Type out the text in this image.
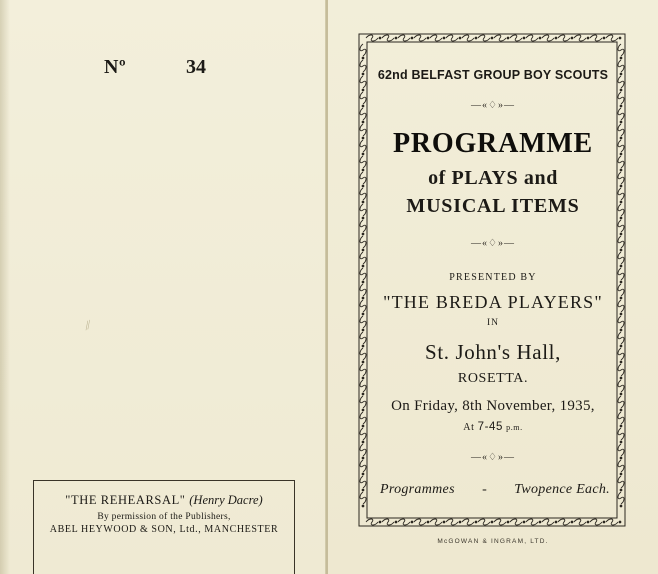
Nº	34
⁄⁄
"THE REHEARSAL" (Henry Dacre)
By permission of the Publishers,
ABEL HEYWOOD & SON, Ltd., MANCHESTER
62nd BELFAST GROUP BOY SCOUTS
—«♢»—
PROGRAMME
of PLAYS and
MUSICAL ITEMS
—«♢»—
PRESENTED BY
"THE BREDA PLAYERS"
IN
St. John's Hall,
ROSETTA.
On Friday, 8th November, 1935,
At 7-45 p.m.
—«♢»—
Programmes - Twopence Each.
McGOWAN & INGRAM, LTD.
